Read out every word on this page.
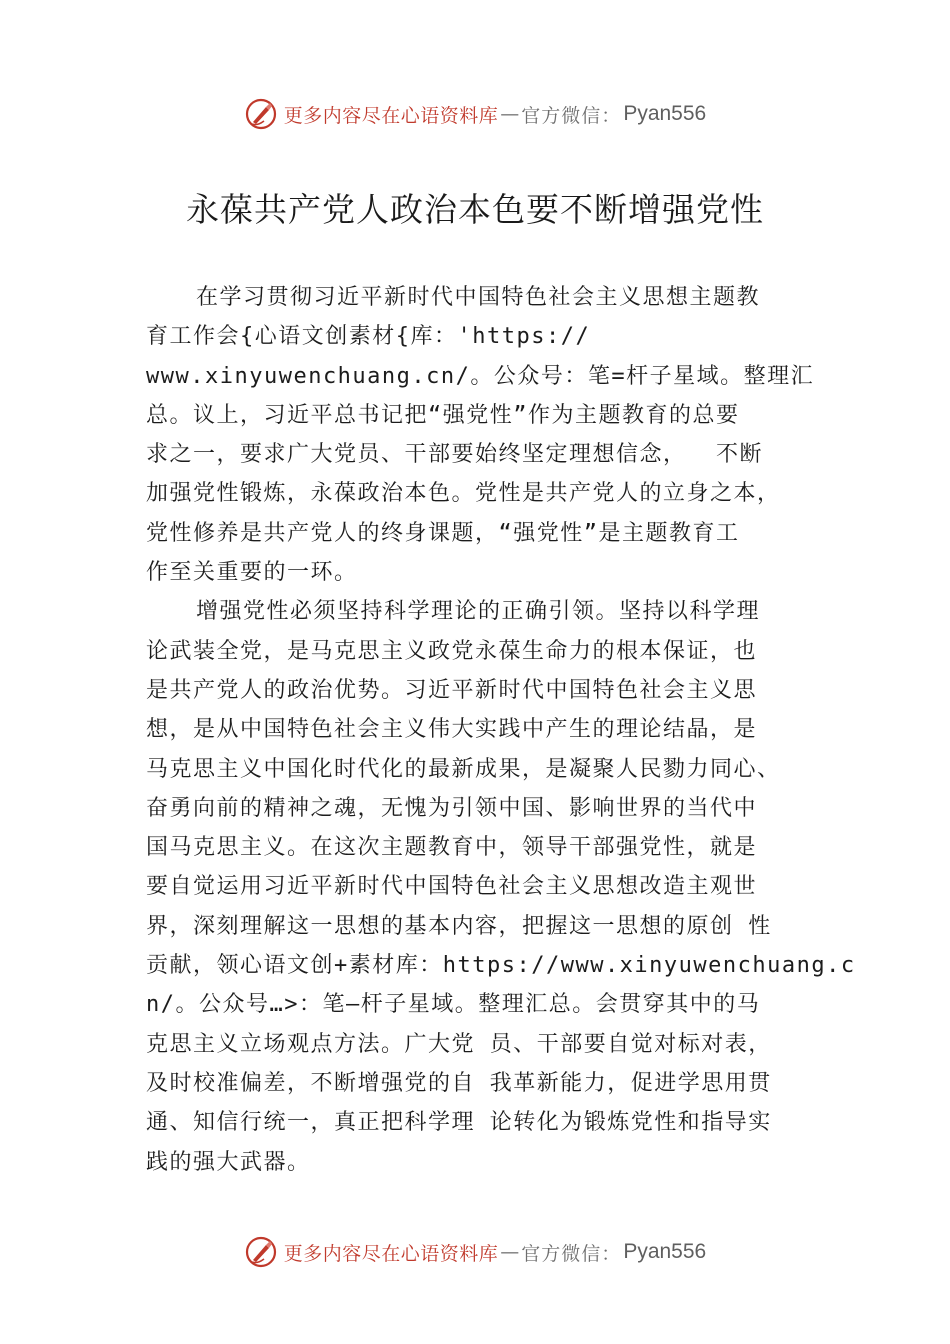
更多内容尽在心语资料库 — 官方微信： Pyan556
永葆共产党人政治本色要不断增强党性
在学习贯彻习近平新时代中国特色社会主义思想主题教
育工作会{心语文创素材{库：'https://
www.xinyuwenchuang.cn/。公众号：笔=杆子星域。整理汇
总。议上，习近平总书记把“强党性”作为主题教育的总要
求之一，要求广大党员、干部要始终坚定理想信念，  不断
加强党性锻炼，永葆政治本色。党性是共产党人的立身之本，
党性修养是共产党人的终身课题，“强党性”是主题教育工
作至关重要的一环。
增强党性必须坚持科学理论的正确引领。坚持以科学理
论武装全党，是马克思主义政党永葆生命力的根本保证，也
是共产党人的政治优势。习近平新时代中国特色社会主义思
想，是从中国特色社会主义伟大实践中产生的理论结晶，是
马克思主义中国化时代化的最新成果，是凝聚人民勠力同心、
奋勇向前的精神之魂，无愧为引领中国、影响世界的当代中
国马克思主义。在这次主题教育中，领导干部强党性，就是
要自觉运用习近平新时代中国特色社会主义思想改造主观世
界，深刻理解这一思想的基本内容，把握这一思想的原创 性
贡献，领心语文创+素材库：https://www.xinyuwenchuang.c
n/。公众号…>：笔—杆子星域。整理汇总。会贯穿其中的马
克思主义立场观点方法。广大党 员、干部要自觉对标对表，
及时校准偏差，不断增强党的自 我革新能力，促进学思用贯
通、知信行统一，真正把科学理 论转化为锻炼党性和指导实
践的强大武器。
更多内容尽在心语资料库 — 官方微信： Pyan556
